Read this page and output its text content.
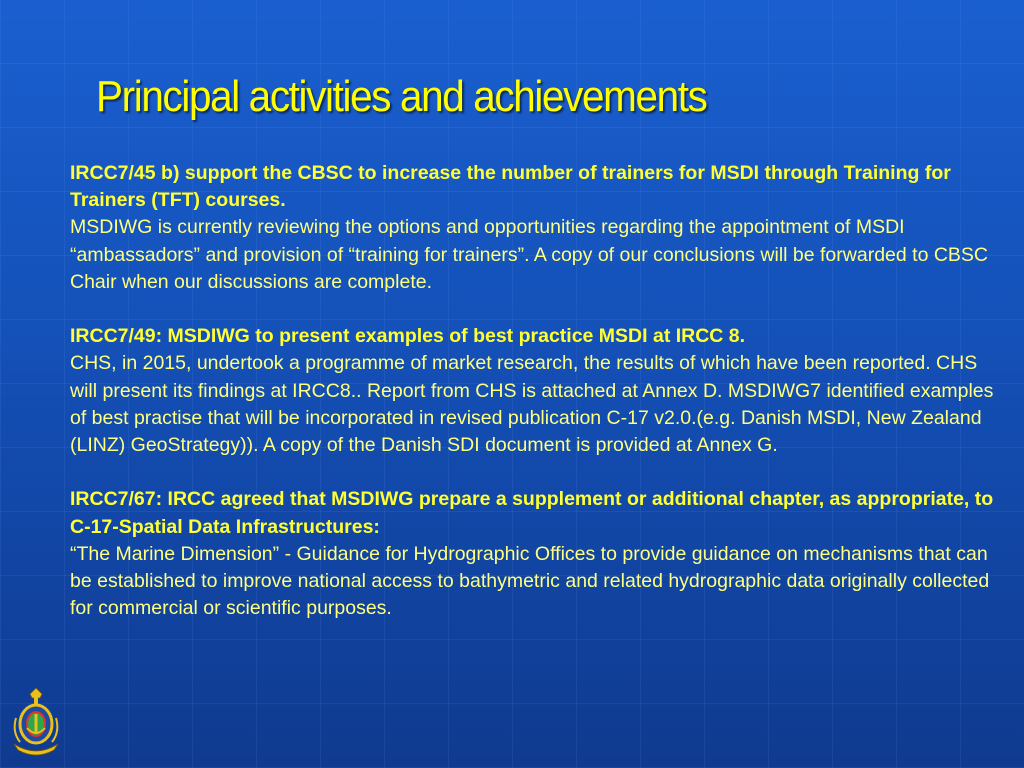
Principal activities and achievements
IRCC7/45 b) support the CBSC to increase the number of trainers for MSDI through Training for Trainers (TFT) courses.
MSDIWG is currently reviewing the options and opportunities regarding the appointment of MSDI “ambassadors” and provision of “training for trainers”. A copy of our conclusions will be forwarded to CBSC Chair when our discussions are complete.
IRCC7/49: MSDIWG to present examples of best practice MSDI at IRCC 8.
CHS, in 2015, undertook a programme of market research, the results of which have been reported. CHS will present its findings at IRCC8.. Report from CHS is attached at Annex D. MSDIWG7 identified examples of best practise that will be incorporated in revised publication C-17 v2.0.(e.g. Danish MSDI, New Zealand (LINZ) GeoStrategy)). A copy of the Danish SDI document is provided at Annex G.
IRCC7/67: IRCC agreed that MSDIWG prepare a supplement or additional chapter, as appropriate, to C-17-Spatial Data Infrastructures:
“The Marine Dimension” - Guidance for Hydrographic Offices to provide guidance on mechanisms that can be established to improve national access to bathymetric and related hydrographic data originally collected for commercial or scientific purposes.
